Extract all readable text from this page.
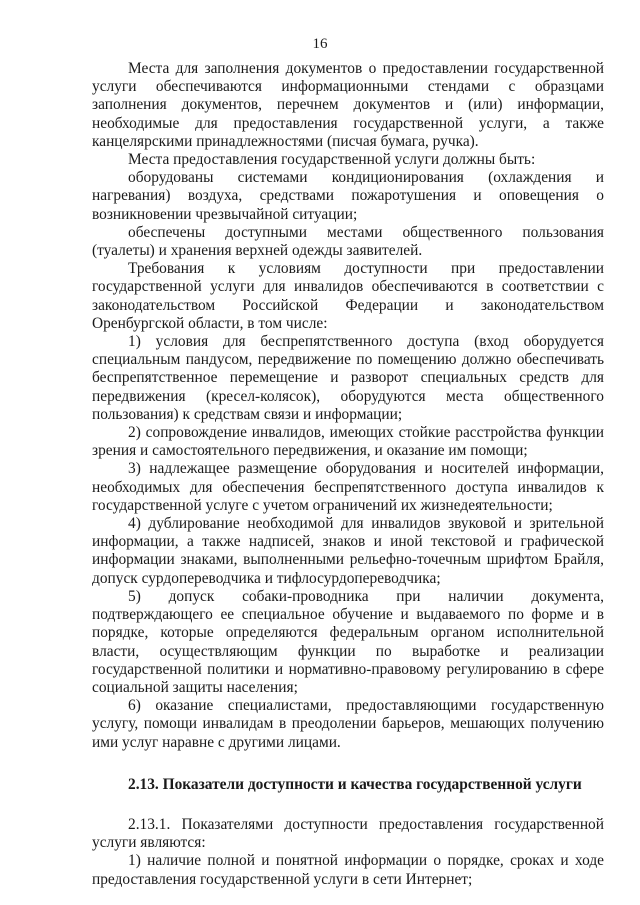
16

Места для заполнения документов о предоставлении государственной услуги обеспечиваются информационными стендами с образцами заполнения документов, перечнем документов и (или) информации, необходимые для предоставления государственной услуги, а также канцелярскими принадлежностями (писчая бумага, ручка).

Места предоставления государственной услуги должны быть:

оборудованы системами кондиционирования (охлаждения и нагревания) воздуха, средствами пожаротушения и оповещения о возникновении чрезвычайной ситуации;

обеспечены доступными местами общественного пользования (туалеты) и хранения верхней одежды заявителей.

Требования к условиям доступности при предоставлении государственной услуги для инвалидов обеспечиваются в соответствии с законодательством Российской Федерации и законодательством Оренбургской области, в том числе:

1) условия для беспрепятственного доступа (вход оборудуется специальным пандусом, передвижение по помещению должно обеспечивать беспрепятственное перемещение и разворот специальных средств для передвижения (кресел-колясок), оборудуются места общественного пользования) к средствам связи и информации;

2) сопровождение инвалидов, имеющих стойкие расстройства функции зрения и самостоятельного передвижения, и оказание им помощи;

3) надлежащее размещение оборудования и носителей информации, необходимых для обеспечения беспрепятственного доступа инвалидов к государственной услуге с учетом ограничений их жизнедеятельности;

4) дублирование необходимой для инвалидов звуковой и зрительной информации, а также надписей, знаков и иной текстовой и графической информации знаками, выполненными рельефно-точечным шрифтом Брайля, допуск сурдопереводчика и тифлосурдопереводчика;

5) допуск собаки-проводника при наличии документа, подтверждающего ее специальное обучение и выдаваемого по форме и в порядке, которые определяются федеральным органом исполнительной власти, осуществляющим функции по выработке и реализации государственной политики и нормативно-правовому регулированию в сфере социальной защиты населения;

6) оказание специалистами, предоставляющими государственную услугу, помощи инвалидам в преодолении барьеров, мешающих получению ими услуг наравне с другими лицами.

2.13. Показатели доступности и качества государственной услуги

2.13.1. Показателями доступности предоставления государственной услуги являются:

1) наличие полной и понятной информации о порядке, сроках и ходе предоставления государственной услуги в сети Интернет;
